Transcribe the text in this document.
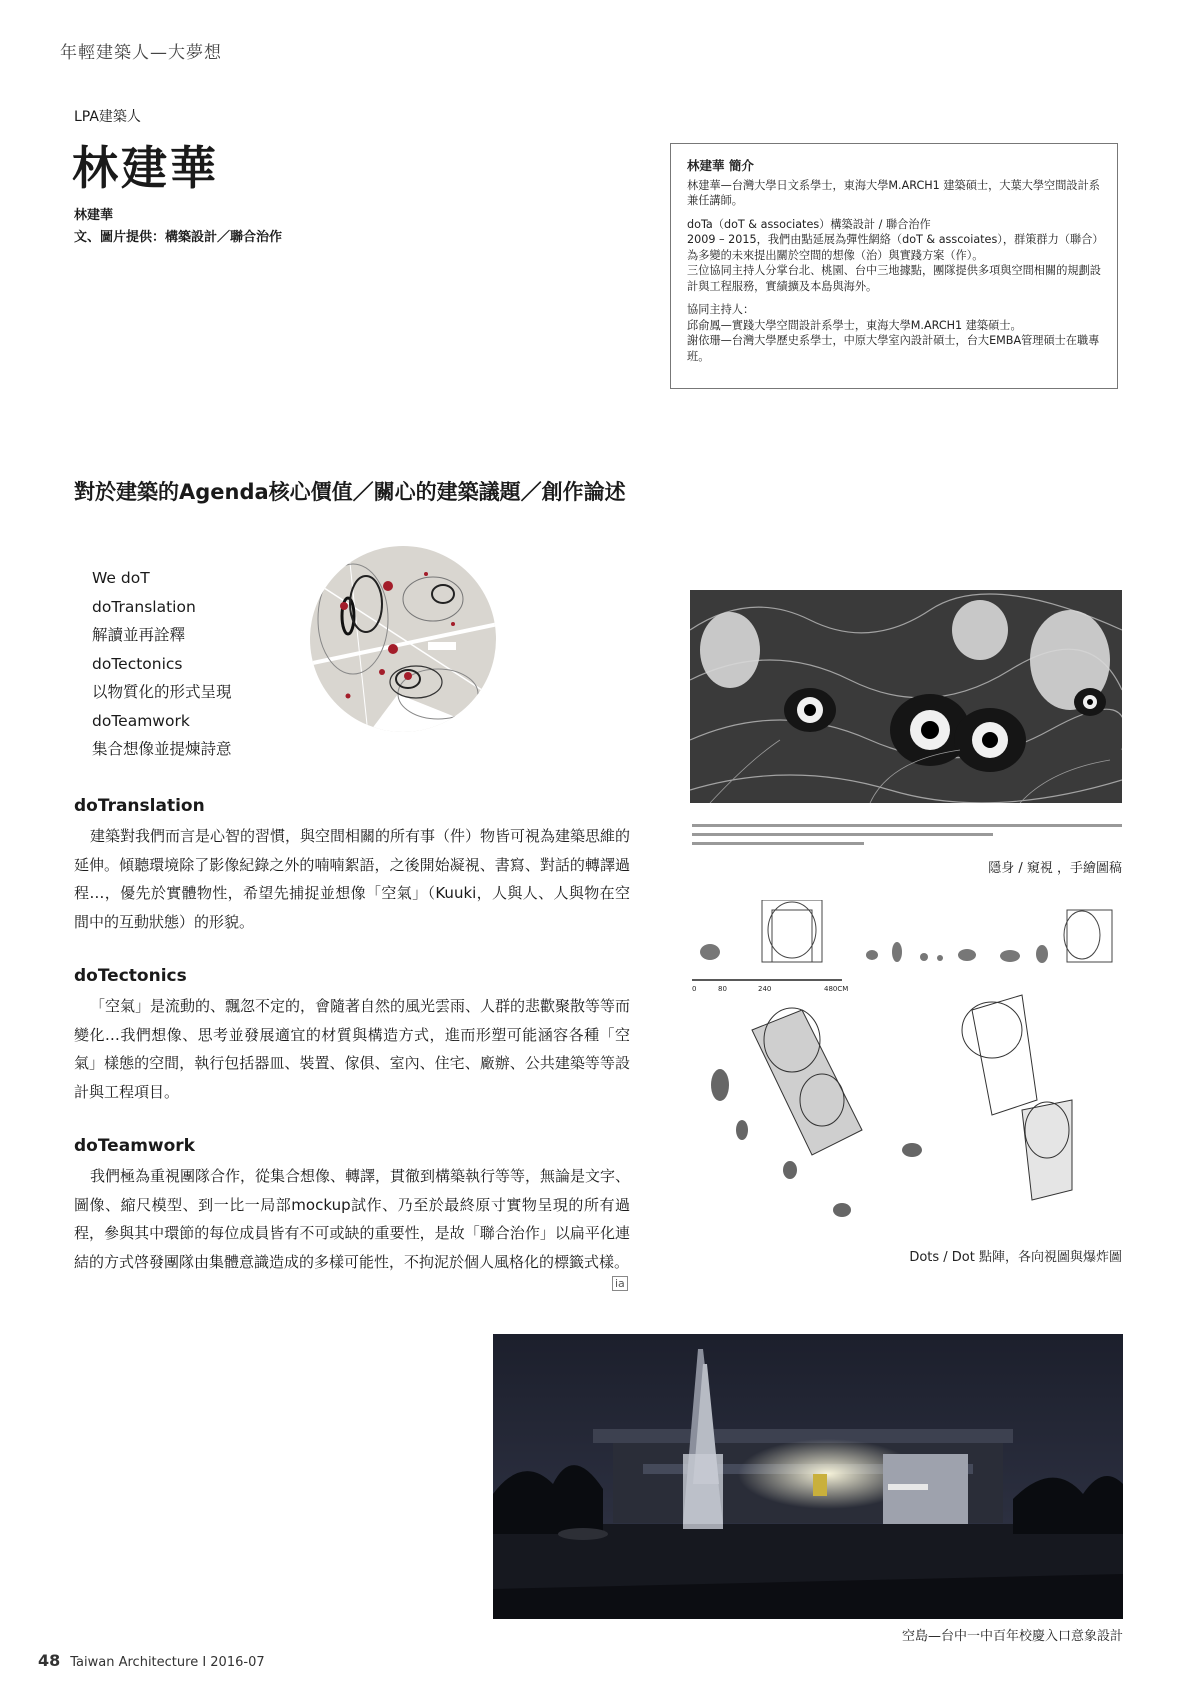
年輕建築人—大夢想
LPA建築人
林建華
林建華
文、圖片提供：構築設計／聯合治作
林建華 簡介

林建華—台灣大學日文系學士，東海大學M.ARCH1 建築碩士，大葉大學空間設計系兼任講師。

doTa（doT & associates）構築設計 / 聯合治作
2009 – 2015，我們由點延展為彈性網絡（doT & asscoiates），群策群力（聯合）為多變的未來提出關於空間的想像（治）與實踐方案（作）。
三位協同主持人分掌台北、桃園、台中三地據點，團隊提供多項與空間相關的規劃設計與工程服務，實績擴及本島與海外。

協同主持人：
邱俞鳳—實踐大學空間設計系學士，東海大學M.ARCH1 建築碩士。
謝依珊—台灣大學歷史系學士，中原大學室內設計碩士，台大EMBA管理碩士在職專班。

對於建築的Agenda核心價值／關心的建築議題／創作論述
We doT
doTranslation
解讀並再詮釋
doTectonics
以物質化的形式呈現
doTeamwork
集合想像並提煉詩意
doTranslation

建築對我們而言是心智的習慣，與空間相關的所有事（件）物皆可視為建築思維的延伸。傾聽環境除了影像紀錄之外的喃喃絮語，之後開始凝視、書寫、對話的轉譯過程…，優先於實體物性，希望先捕捉並想像「空氣」（Kuuki，人與人、人與物在空間中的互動狀態）的形貌。

doTectonics

「空氣」是流動的、飄忽不定的，會隨著自然的風光雲雨、人群的悲歡聚散等等而變化…我們想像、思考並發展適宜的材質與構造方式，進而形塑可能涵容各種「空氣」樣態的空間，執行包括器皿、裝置、傢俱、室內、住宅、廠辦、公共建築等等設計與工程項目。

doTeamwork

我們極為重視團隊合作，從集合想像、轉譯，貫徹到構築執行等等，無論是文字、圖像、縮尺模型、到一比一局部mockup試作、乃至於最終原寸實物呈現的所有過程，參與其中環節的每位成員皆有不可或缺的重要性，是故「聯合治作」以扁平化連結的方式啓發團隊由集體意識造成的多樣可能性，不拘泥於個人風格化的標籤式樣。

ia
隱身 / 窺視 ，手繪圖稿
0	80	240	480CM
Dots / Dot 點陣，各向視圖與爆炸圖
空島—台中一中百年校慶入口意象設計
48 Taiwan Architecture I 2016-07
